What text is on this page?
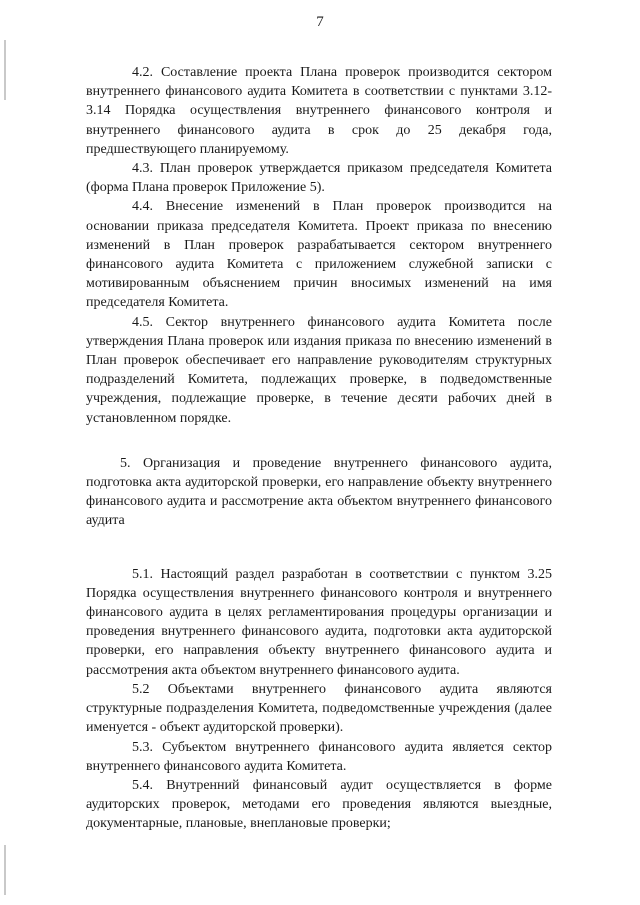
7

4.2. Составление проекта Плана проверок производится сектором внутреннего финансового аудита Комитета в соответствии с пунктами 3.12- 3.14 Порядка осуществления внутреннего финансового контроля и внутреннего финансового аудита в срок до 25 декабря года, предшествующего планируемому.

4.3. План проверок утверждается приказом председателя Комитета (форма Плана проверок Приложение 5).

4.4. Внесение изменений в План проверок производится на основании приказа председателя Комитета. Проект приказа по внесению изменений в План проверок разрабатывается сектором внутреннего финансового аудита Комитета с приложением служебной записки с мотивированным объяснением причин вносимых изменений на имя председателя Комитета.

4.5. Сектор внутреннего финансового аудита Комитета после утверждения Плана проверок или издания приказа по внесению изменений в План проверок обеспечивает его направление руководителям структурных подразделений Комитета, подлежащих проверке, в подведомственные учреждения, подлежащие проверке, в течение десяти рабочих дней в установленном порядке.

5. Организация и проведение внутреннего финансового аудита, подготовка акта аудиторской проверки, его направление объекту внутреннего финансового аудита и рассмотрение акта объектом внутреннего финансового аудита

5.1. Настоящий раздел разработан в соответствии с пунктом 3.25 Порядка осуществления внутреннего финансового контроля и внутреннего финансового аудита в целях регламентирования процедуры организации и проведения внутреннего финансового аудита, подготовки акта аудиторской проверки, его направления объекту внутреннего финансового аудита и рассмотрения акта объектом внутреннего финансового аудита.

5.2 Объектами внутреннего финансового аудита являются структурные подразделения Комитета, подведомственные учреждения (далее именуется - объект аудиторской проверки).

5.3. Субъектом внутреннего финансового аудита является сектор внутреннего финансового аудита Комитета.

5.4. Внутренний финансовый аудит осуществляется в форме аудиторских проверок, методами его проведения являются выездные, документарные, плановые, внеплановые проверки;
